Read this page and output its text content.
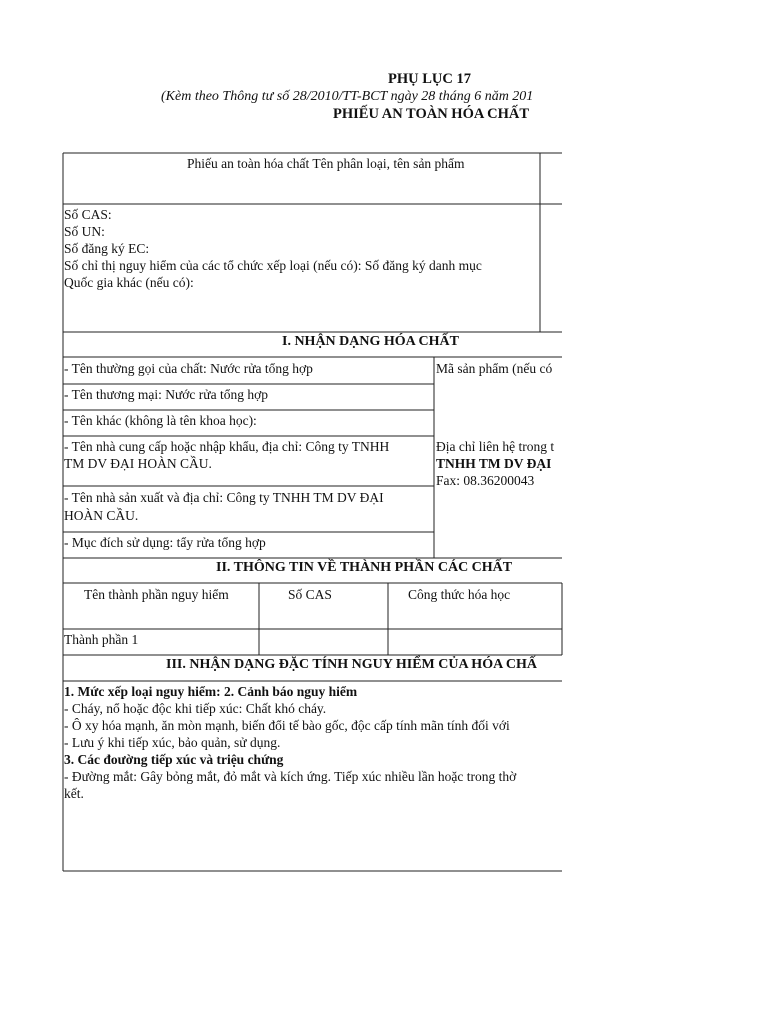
PHỤ LỤC 17
(Kèm theo Thông tư số 28/2010/TT-BCT ngày 28 tháng 6 năm 201
PHIẾU AN TOÀN HÓA CHẤT
Phiếu an toàn hóa chất Tên phân loại, tên sản phẩm
Số CAS:
Số UN:
Số đăng ký EC:
Số chỉ thị nguy hiểm của các tổ chức xếp loại (nếu có): Số đăng ký danh mục
Quốc gia khác (nếu có):
I. NHẬN DẠNG HÓA CHẤT
- Tên thường gọi của chất: Nước rửa tổng hợp
- Tên thương mại: Nước rửa tổng hợp
- Tên khác (không là tên khoa học):
- Tên nhà cung cấp hoặc nhập khẩu, địa chỉ: Công ty TNHH
TM DV ĐẠI HOÀN CẦU.
- Tên nhà sản xuất và địa chỉ: Công ty TNHH TM DV ĐẠI
HOÀN CẦU.
- Mục đích sử dụng: tẩy rửa tổng hợp
Mã sản phẩm (nếu có
Địa chỉ liên hệ trong t
TNHH TM DV ĐẠI
Fax: 08.36200043
II. THÔNG TIN VỀ THÀNH PHẦN CÁC CHẤT
Tên thành phần nguy hiểm	Số CAS	Công thức hóa học
Thành phần 1
III. NHẬN DẠNG ĐẶC TÍNH NGUY HIỂM CỦA HÓA CHẤ
1. Mức xếp loại nguy hiểm: 2. Cảnh báo nguy hiểm
- Cháy, nổ hoặc độc khi tiếp xúc: Chất khó cháy.
- Ô xy hóa mạnh, ăn mòn mạnh, biến đổi tế bào gốc, độc cấp tính mãn tính đối với
- Lưu ý khi tiếp xúc, bảo quản, sử dụng.
3. Các đoường tiếp xúc và triệu chứng
- Đường mắt: Gây bỏng mắt, đỏ mắt và kích ứng. Tiếp xúc nhiều lần hoặc trong thờ
kết.
